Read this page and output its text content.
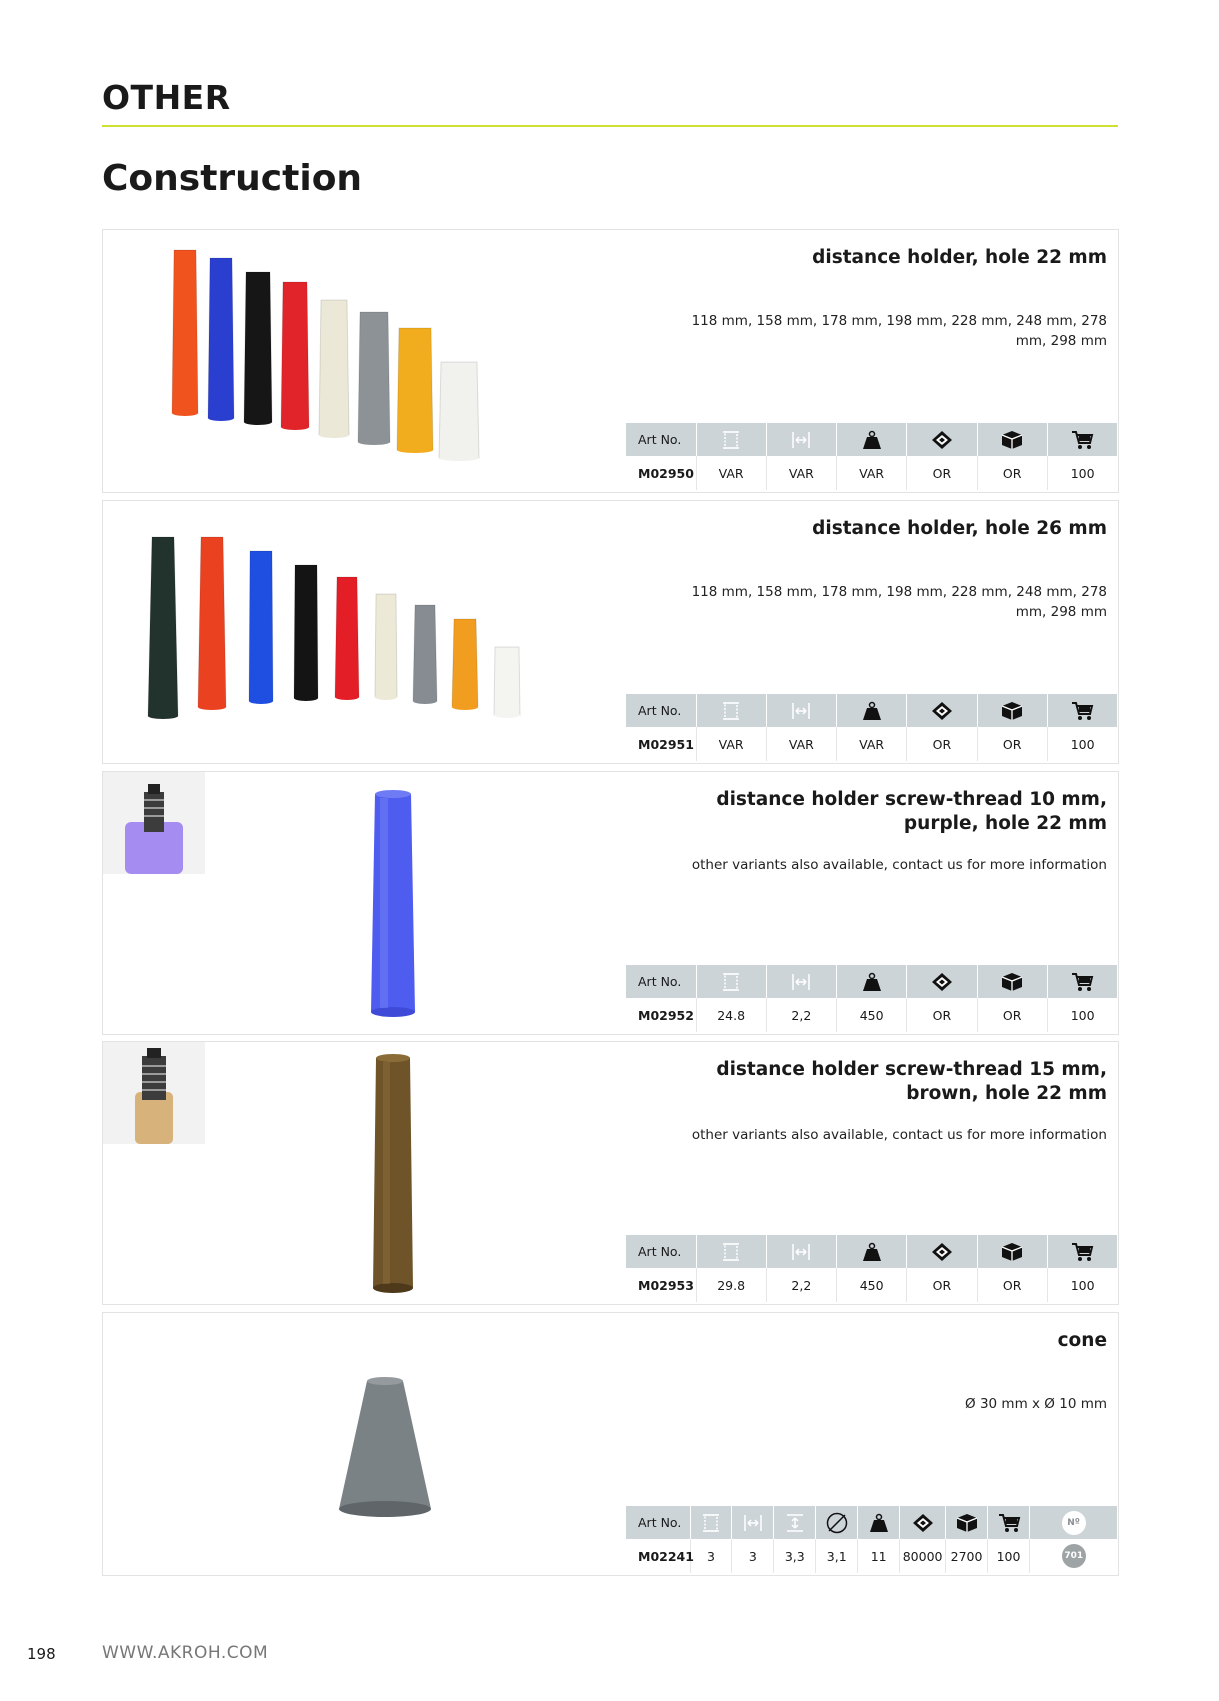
OTHER
Construction
distance holder, hole 22 mm
118 mm, 158 mm, 178 mm, 198 mm, 228 mm, 248 mm, 278 mm, 298 mm
Art No.	

M02950	VAR	VAR	VAR	OR	OR	100
distance holder, hole 26 mm
118 mm, 158 mm, 178 mm, 198 mm, 228 mm, 248 mm, 278 mm, 298 mm
Art No.	

M02951	VAR	VAR	VAR	OR	OR	100
distance holder screw-thread 10 mm, purple, hole 22 mm
other variants also available, contact us for more information
Art No.	

M02952	24.8	2,2	450	OR	OR	100
distance holder screw-thread 15 mm, brown, hole 22 mm
other variants also available, contact us for more information
Art No.	

M02953	29.8	2,2	450	OR	OR	100
cone
Ø 30 mm x Ø 10 mm
Art No.									Nº
M02241	3	3	3,3	3,1	11	80000	2700	100	701
198	WWW.AKROH.COM
